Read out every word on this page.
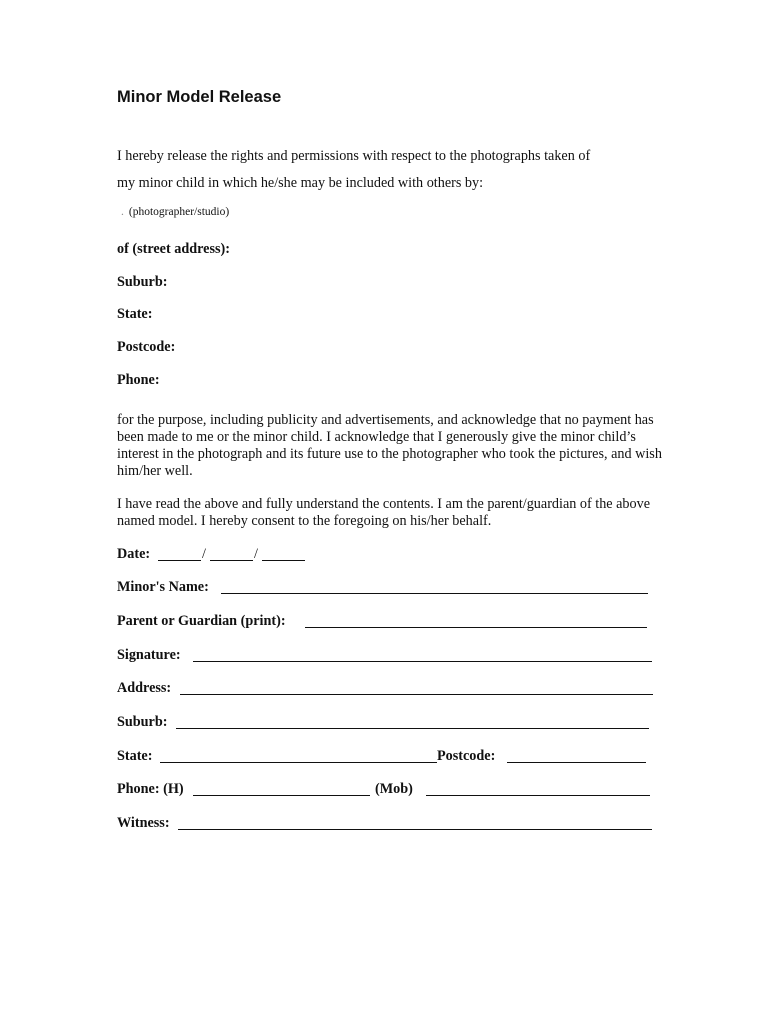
Minor Model Release
I hereby release the rights and permissions with respect to the photographs taken of
my minor child in which he/she may be included with others by:
. (photographer/studio)
of (street address):
Suburb:
State:
Postcode:
Phone:
for the purpose, including publicity and advertisements, and acknowledge that no payment has been made to me or the minor child. I acknowledge that I generously give the minor child’s interest in the photograph and its future use to the photographer who took the pictures, and wish him/her well.
I have read the above and fully understand the contents. I am the parent/guardian of the above named model. I hereby consent to the foregoing on his/her behalf.
Date:	/	/
Minor's Name:
Parent or Guardian (print):
Signature:
Address:
Suburb:
State:	Postcode:
Phone: (H)	(Mob)
Witness:
